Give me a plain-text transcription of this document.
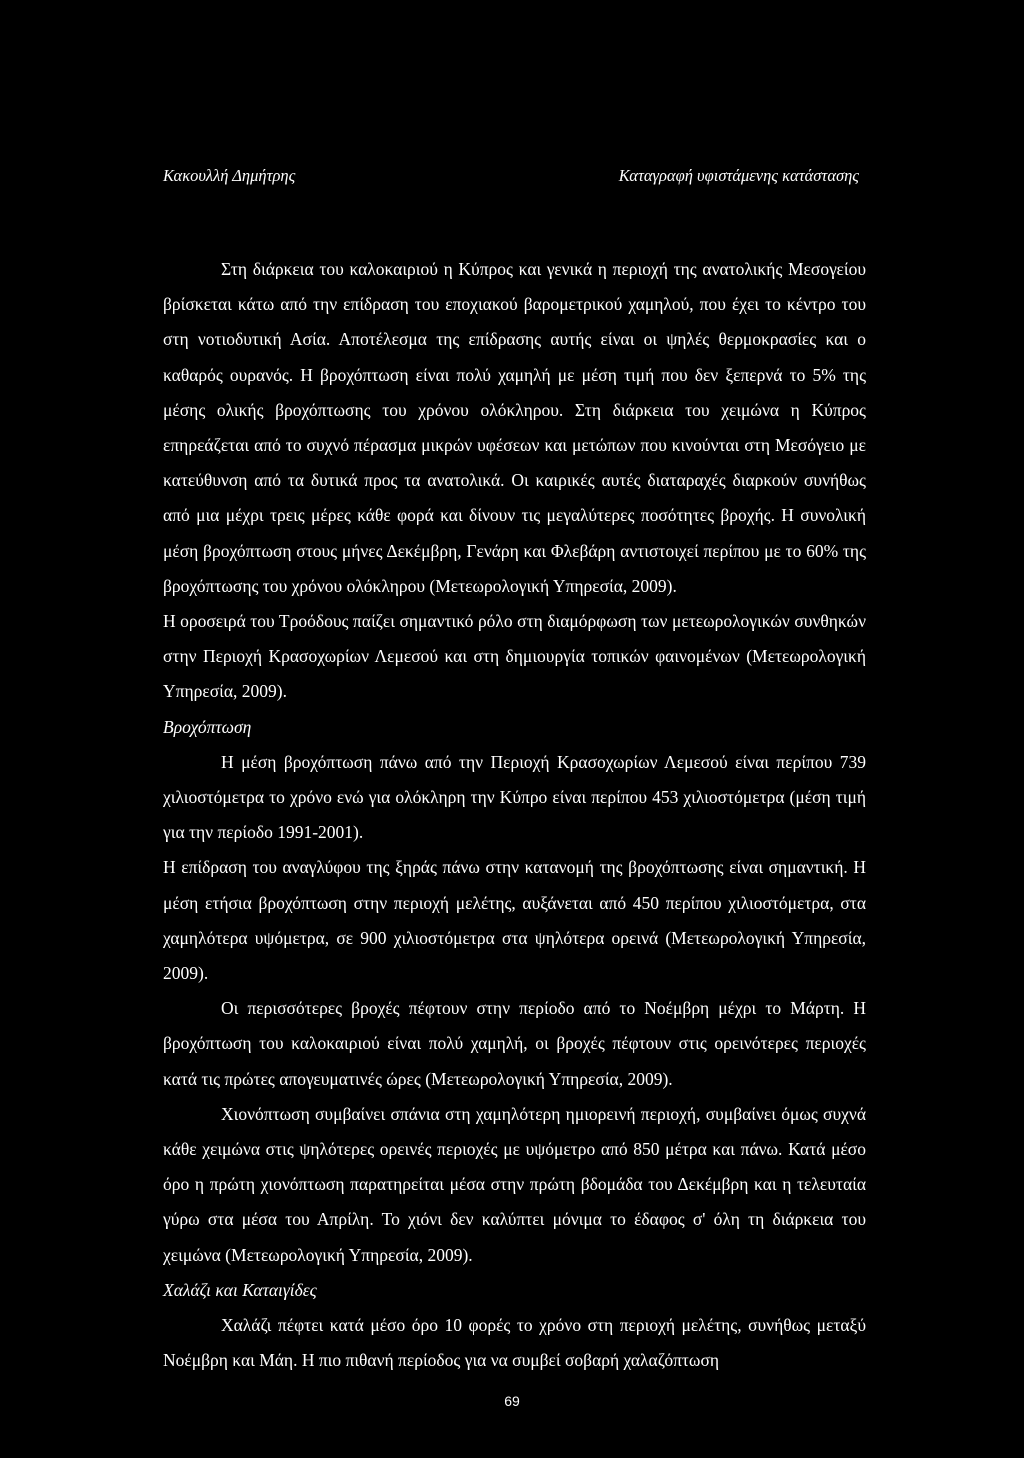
Κακουλλή Δημήτρης	Καταγραφή υφιστάμενης κατάστασης

Στη διάρκεια του καλοκαιριού η Κύπρος και γενικά η περιοχή της ανατολικής Μεσογείου βρίσκεται κάτω από την επίδραση του εποχιακού βαρομετρικού χαμηλού, που έχει το κέντρο του στη νοτιοδυτική Ασία. Αποτέλεσμα της επίδρασης αυτής είναι οι ψηλές θερμοκρασίες και ο καθαρός ουρανός. Η βροχόπτωση είναι πολύ χαμηλή με μέση τιμή που δεν ξεπερνά το 5% της μέσης ολικής βροχόπτωσης του χρόνου ολόκληρου. Στη διάρκεια του χειμώνα η Κύπρος επηρεάζεται από το συχνό πέρασμα μικρών υφέσεων και μετώπων που κινούνται στη Μεσόγειο με κατεύθυνση από τα δυτικά προς τα ανατολικά. Οι καιρικές αυτές διαταραχές διαρκούν συνήθως από μια μέχρι τρεις μέρες κάθε φορά και δίνουν τις μεγαλύτερες ποσότητες βροχής. Η συνολική μέση βροχόπτωση στους μήνες Δεκέμβρη, Γενάρη και Φλεβάρη αντιστοιχεί περίπου με το 60% της βροχόπτωσης του χρόνου ολόκληρου (Μετεωρολογική Υπηρεσία, 2009).

Η οροσειρά του Τροόδους παίζει σημαντικό ρόλο στη διαμόρφωση των μετεωρολογικών συνθηκών στην Περιοχή Κρασοχωρίων Λεμεσού και στη δημιουργία τοπικών φαινομένων (Μετεωρολογική Υπηρεσία, 2009).

Βροχόπτωση

Η μέση βροχόπτωση πάνω από την Περιοχή Κρασοχωρίων Λεμεσού είναι περίπου 739 χιλιοστόμετρα το χρόνο ενώ για ολόκληρη την Κύπρο είναι περίπου 453 χιλιοστόμετρα (μέση τιμή για την περίοδο 1991-2001).

Η επίδραση του αναγλύφου της ξηράς πάνω στην κατανομή της βροχόπτωσης είναι σημαντική. Η μέση ετήσια βροχόπτωση στην περιοχή μελέτης, αυξάνεται από 450 περίπου χιλιοστόμετρα, στα χαμηλότερα υψόμετρα, σε 900 χιλιοστόμετρα στα ψηλότερα ορεινά (Μετεωρολογική Υπηρεσία, 2009).

Οι περισσότερες βροχές πέφτουν στην περίοδο από το Νοέμβρη μέχρι το Μάρτη. Η βροχόπτωση του καλοκαιριού είναι πολύ χαμηλή, οι βροχές πέφτουν στις ορεινότερες περιοχές κατά τις πρώτες απογευματινές ώρες (Μετεωρολογική Υπηρεσία, 2009).

Χιονόπτωση συμβαίνει σπάνια στη χαμηλότερη ημιορεινή περιοχή, συμβαίνει όμως συχνά κάθε χειμώνα στις ψηλότερες ορεινές περιοχές με υψόμετρο από 850 μέτρα και πάνω. Κατά μέσο όρο η πρώτη χιονόπτωση παρατηρείται μέσα στην πρώτη βδομάδα του Δεκέμβρη και η τελευταία γύρω στα μέσα του Απρίλη. Το χιόνι δεν καλύπτει μόνιμα το έδαφος σ' όλη τη διάρκεια του χειμώνα (Μετεωρολογική Υπηρεσία, 2009).

Χαλάζι και Καταιγίδες

Χαλάζι πέφτει κατά μέσο όρο 10 φορές το χρόνο στη περιοχή μελέτης, συνήθως μεταξύ Νοέμβρη και Μάη. Η πιο πιθανή περίοδος για να συμβεί σοβαρή χαλαζόπτωση

69
